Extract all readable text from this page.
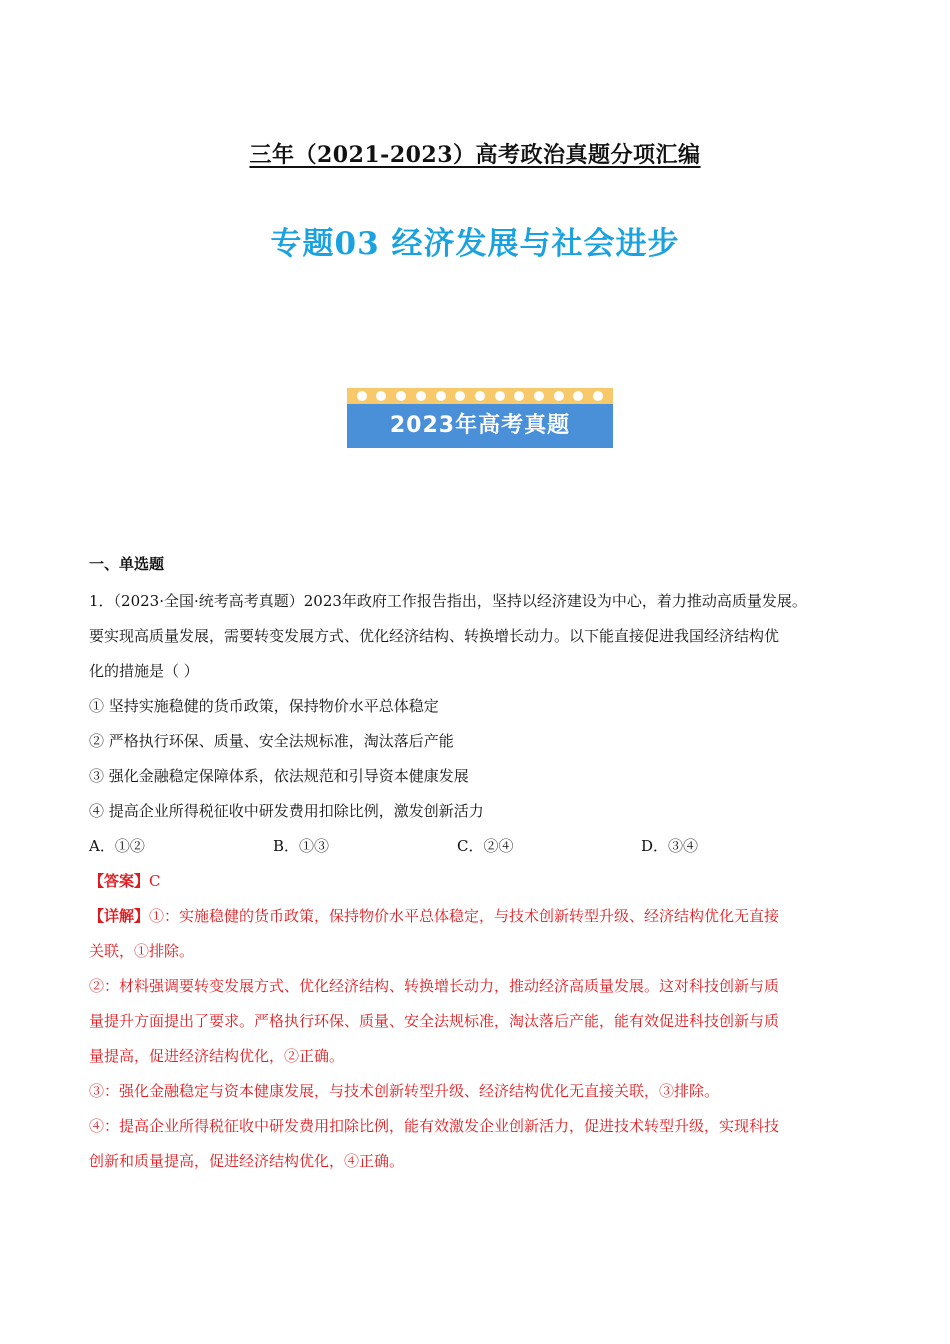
三年（2021-2023）高考政治真题分项汇编
专题03 经济发展与社会进步
2023年高考真题
一、单选题
1．（2023·全国·统考高考真题）2023年政府工作报告指出，坚持以经济建设为中心，着力推动高质量发展。
要实现高质量发展，需要转变发展方式、优化经济结构、转换增长动力。以下能直接促进我国经济结构优
化的措施是（ ）
① 坚持实施稳健的货币政策，保持物价水平总体稳定
② 严格执行环保、质量、安全法规标准，淘汰落后产能
③ 强化金融稳定保障体系，依法规范和引导资本健康发展
④ 提高企业所得税征收中研发费用扣除比例，激发创新活力
A．①②	B．①③	C．②④	D．③④
【答案】C
【详解】①：实施稳健的货币政策，保持物价水平总体稳定，与技术创新转型升级、经济结构优化无直接
关联，①排除。
②：材料强调要转变发展方式、优化经济结构、转换增长动力，推动经济高质量发展。这对科技创新与质
量提升方面提出了要求。严格执行环保、质量、安全法规标准，淘汰落后产能，能有效促进科技创新与质
量提高，促进经济结构优化，②正确。
③：强化金融稳定与资本健康发展，与技术创新转型升级、经济结构优化无直接关联，③排除。
④：提高企业所得税征收中研发费用扣除比例，能有效激发企业创新活力，促进技术转型升级，实现科技
创新和质量提高，促进经济结构优化，④正确。
